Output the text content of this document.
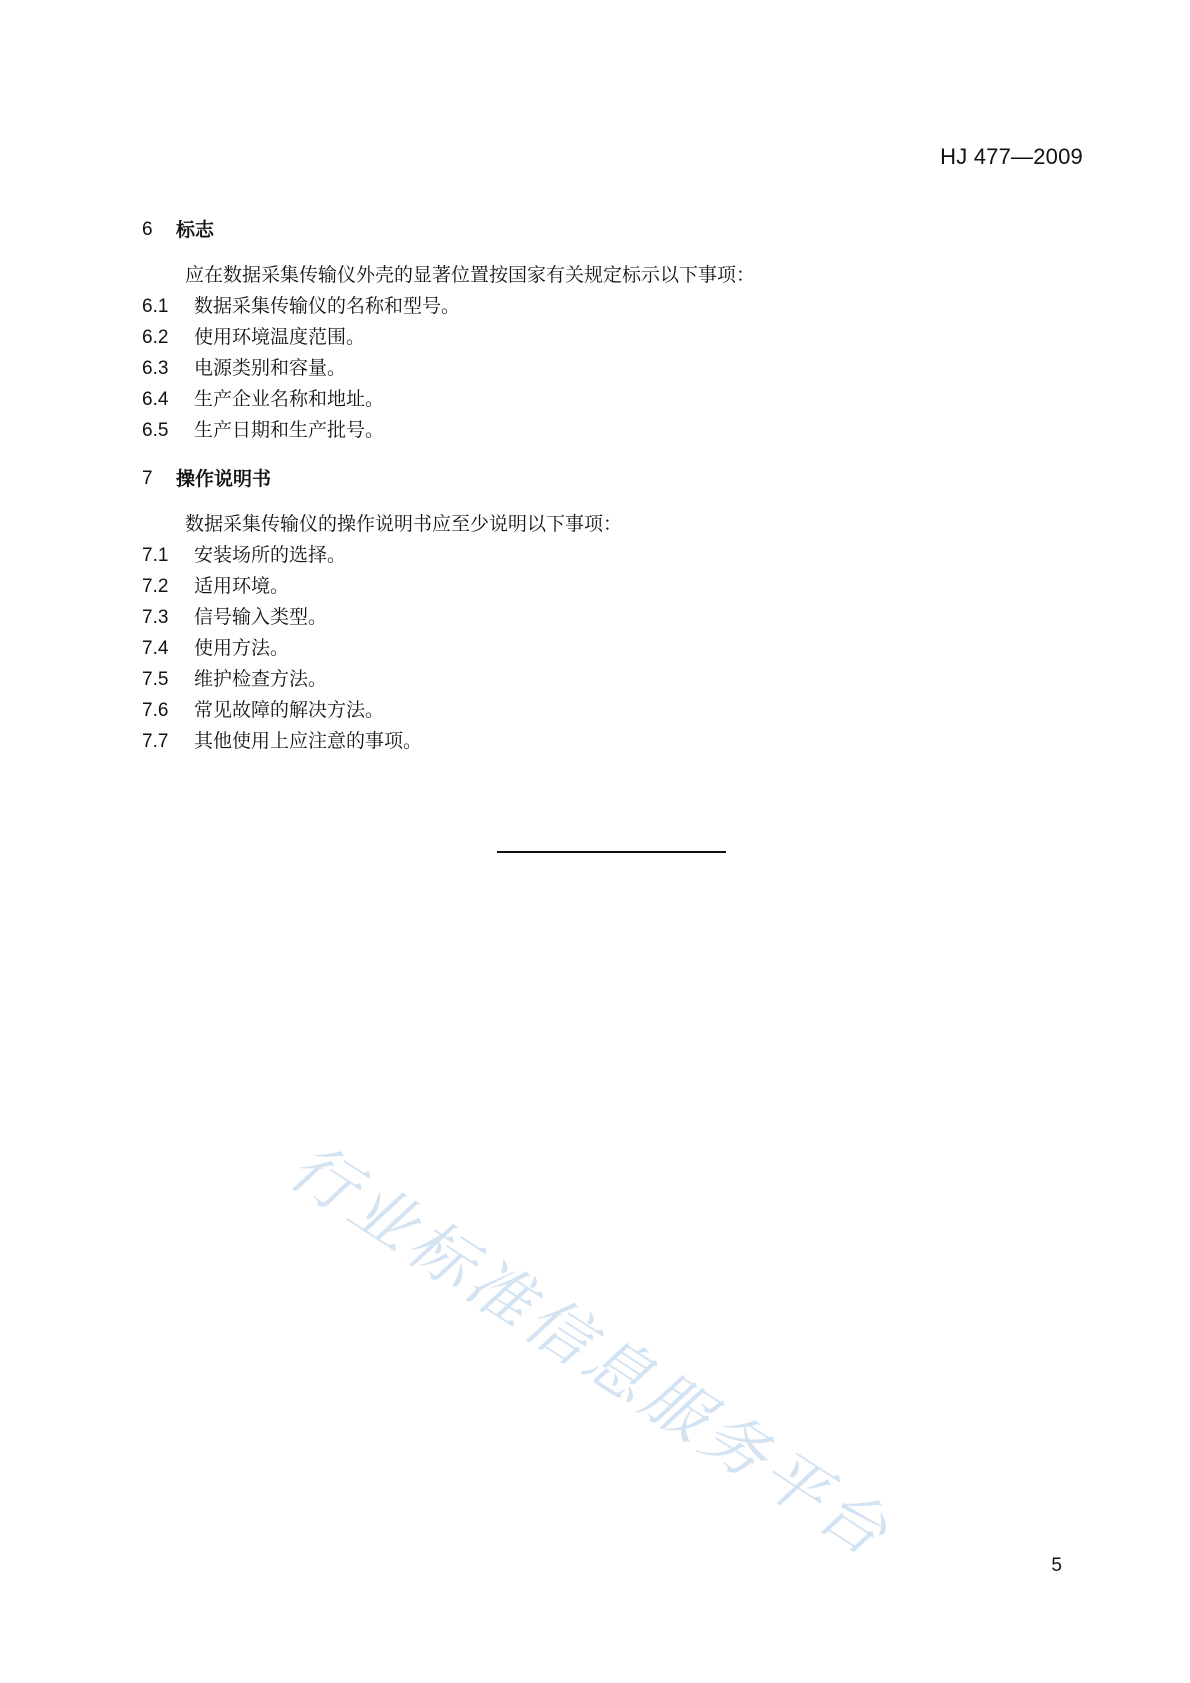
HJ 477—2009
6	标志
应在数据采集传输仪外壳的显著位置按国家有关规定标示以下事项：
6.1	数据采集传输仪的名称和型号。
6.2	使用环境温度范围。
6.3	电源类别和容量。
6.4	生产企业名称和地址。
6.5	生产日期和生产批号。
7	操作说明书
数据采集传输仪的操作说明书应至少说明以下事项：
7.1	安装场所的选择。
7.2	适用环境。
7.3	信号输入类型。
7.4	使用方法。
7.5	维护检查方法。
7.6	常见故障的解决方法。
7.7	其他使用上应注意的事项。
行业标准信息服务平台	5
